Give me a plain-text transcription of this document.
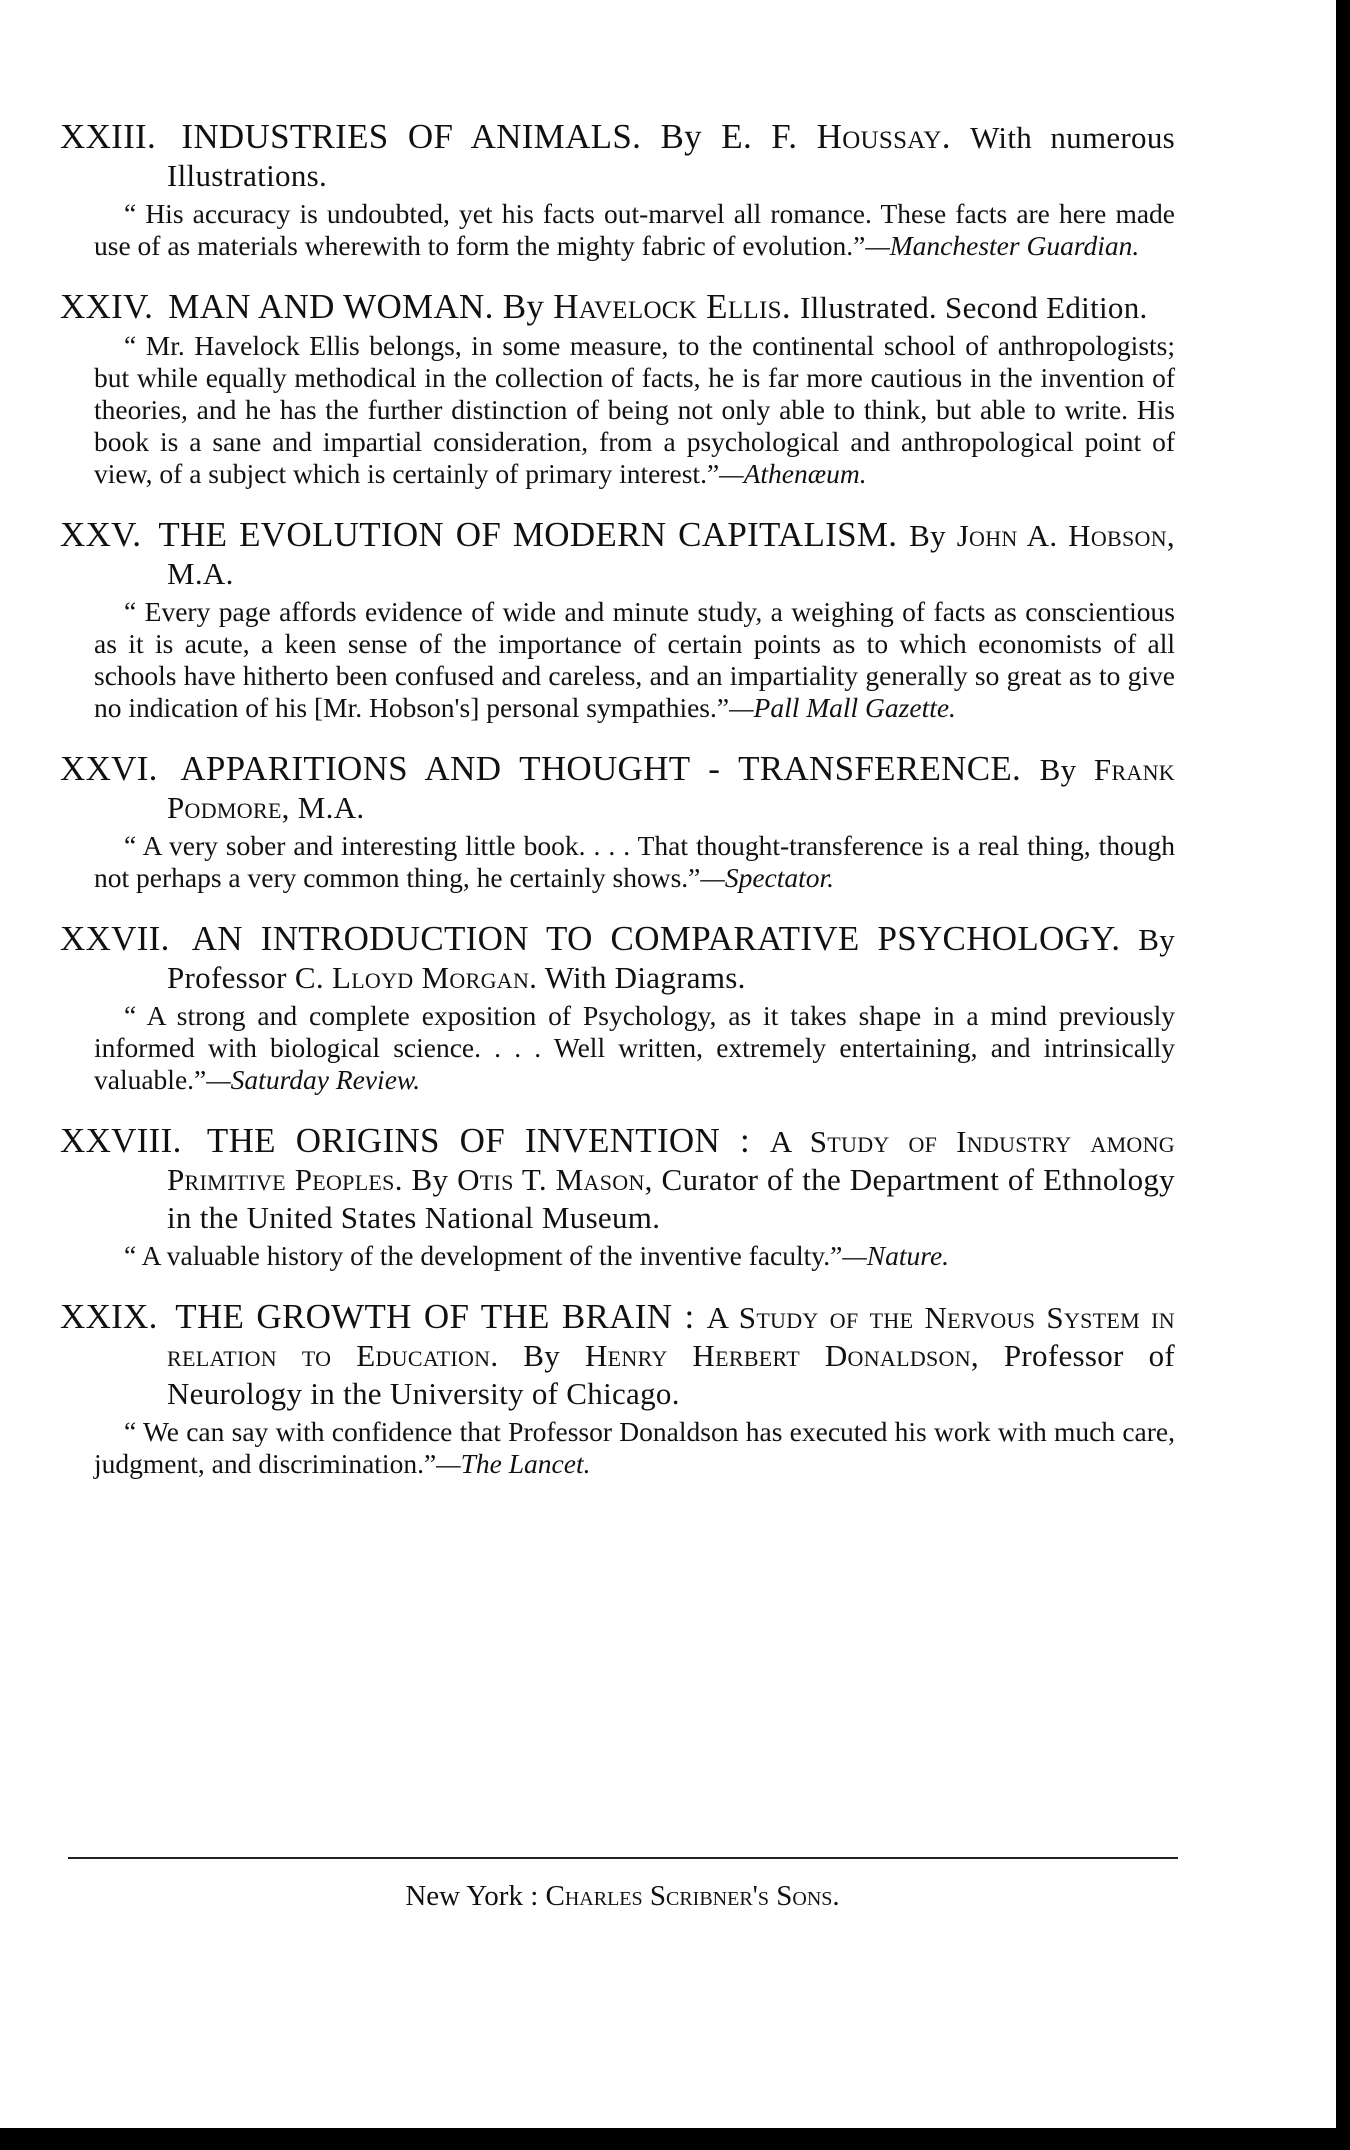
XXIII. INDUSTRIES OF ANIMALS. By E. F. Houssay. With numerous Illustrations.
“ His accuracy is undoubted, yet his facts out-marvel all romance. These facts are here made use of as materials wherewith to form the mighty fabric of evolution.”—Manchester Guardian.
XXIV. MAN AND WOMAN. By Havelock Ellis. Illustrated. Second Edition.
“ Mr. Havelock Ellis belongs, in some measure, to the continental school of anthropologists; but while equally methodical in the collection of facts, he is far more cautious in the invention of theories, and he has the further distinction of being not only able to think, but able to write. His book is a sane and impartial consideration, from a psychological and anthropological point of view, of a subject which is certainly of primary interest.”—Athenæum.
XXV. THE EVOLUTION OF MODERN CAPITALISM. By John A. Hobson, M.A.
“ Every page affords evidence of wide and minute study, a weighing of facts as conscientious as it is acute, a keen sense of the importance of certain points as to which economists of all schools have hitherto been confused and careless, and an impartiality generally so great as to give no indication of his [Mr. Hobson's] personal sympathies.”—Pall Mall Gazette.
XXVI. APPARITIONS AND THOUGHT - TRANSFERENCE. By Frank Podmore, M.A.
“ A very sober and interesting little book. . . . That thought-transference is a real thing, though not perhaps a very common thing, he certainly shows.”—Spectator.
XXVII. AN INTRODUCTION TO COMPARATIVE PSYCHOLOGY. By Professor C. Lloyd Morgan. With Diagrams.
“ A strong and complete exposition of Psychology, as it takes shape in a mind previously informed with biological science. . . . Well written, extremely entertaining, and intrinsically valuable.”—Saturday Review.
XXVIII. THE ORIGINS OF INVENTION : A Study of Industry among Primitive Peoples. By Otis T. Mason, Curator of the Department of Ethnology in the United States National Museum.
“ A valuable history of the development of the inventive faculty.”—Nature.
XXIX. THE GROWTH OF THE BRAIN : A Study of the Nervous System in relation to Education. By Henry Herbert Donaldson, Professor of Neurology in the University of Chicago.
“ We can say with confidence that Professor Donaldson has executed his work with much care, judgment, and discrimination.”—The Lancet.
New York : Charles Scribner's Sons.
